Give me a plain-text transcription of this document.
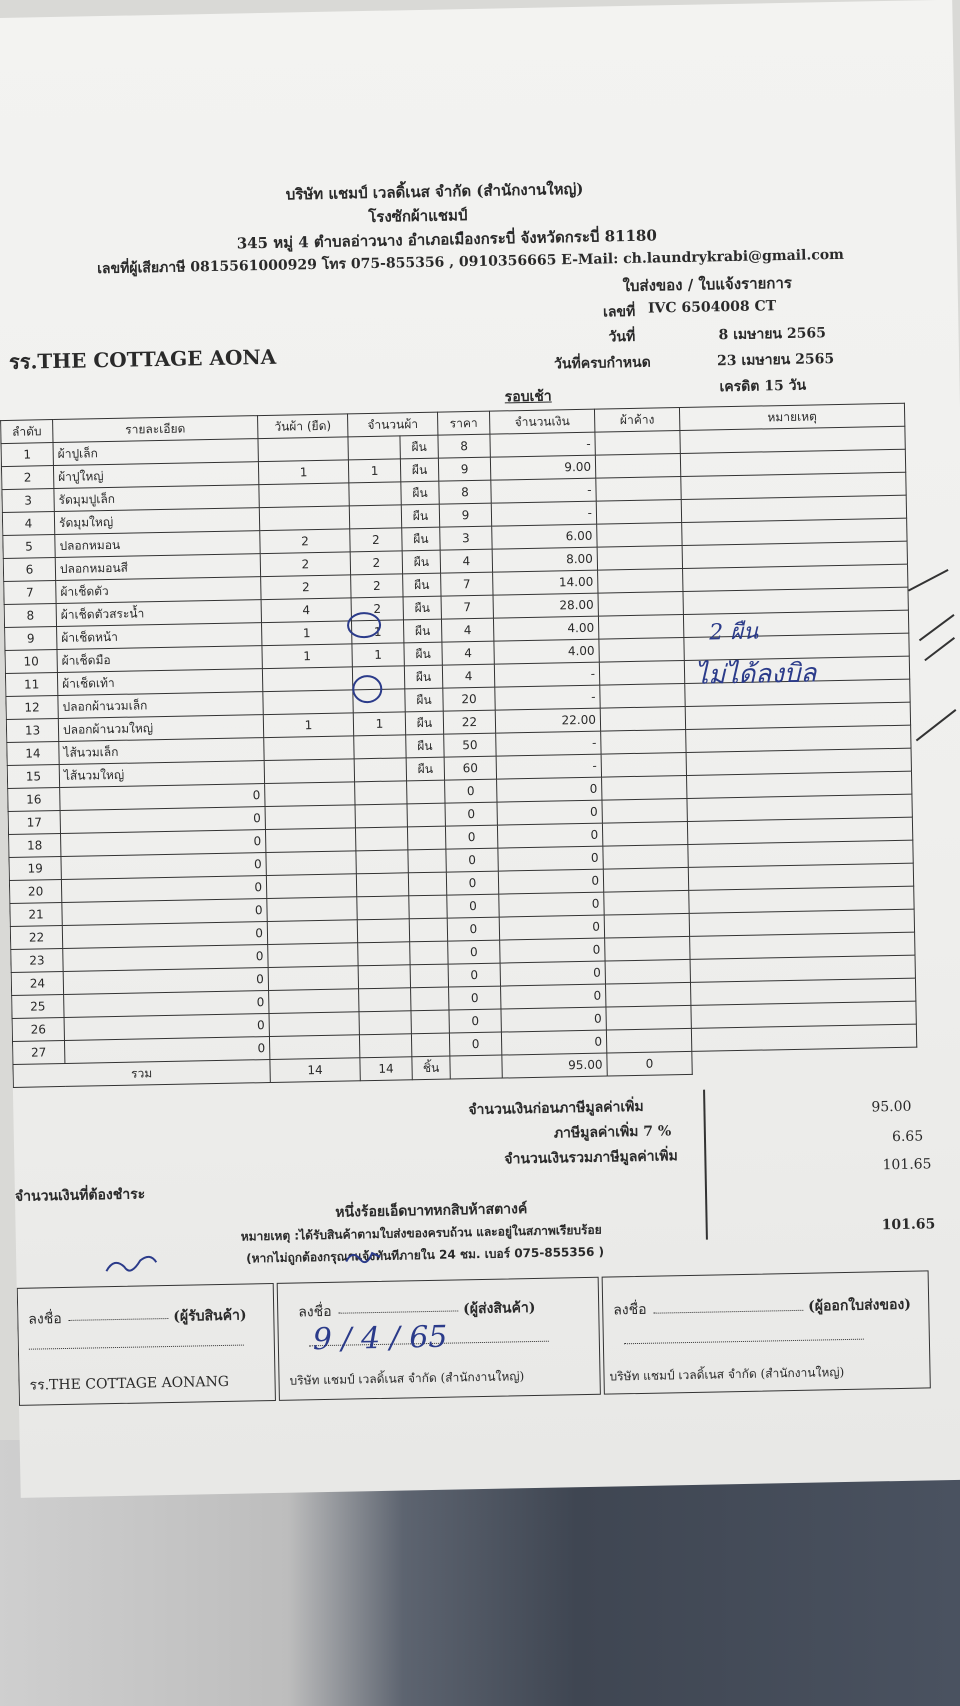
บริษัท แชมป์ เวลดิ้เนส จำกัด (สำนักงานใหญ่)
โรงซักผ้าแชมป์
345 หมู่ 4 ตำบลอ่าวนาง อำเภอเมืองกระบี่ จังหวัดกระบี่ 81180
เลขที่ผู้เสียภาษี 0815561000929 โทร 075-855356 , 0910356665 E-Mail: ch.laundrykrabi@gmail.com
ใบส่งของ / ใบแจ้งรายการ
เลขที่ IVC 6504008 CT
วันที่	8 เมษายน 2565
วันที่ครบกำหนด	23 เมษายน 2565
เครดิต 15 วัน
รร.THE COTTAGE AONA
รอบเช้า
ลำดับ	รายละเอียด	วันผ้า (ยืด)	จำนวนผ้า		ราคา	จำนวนเงิน	ผ้าค้าง	หมายเหตุ
1	ผ้าปูเล็ก			ผืน	8	-		
2	ผ้าปูใหญ่	1	1	ผืน	9	9.00		
3	รัดมุมปูเล็ก			ผืน	8	-		
4	รัดมุมใหญ่			ผืน	9	-		
5	ปลอกหมอน	2	2	ผืน	3	6.00		
6	ปลอกหมอนสี	2	2	ผืน	4	8.00		
7	ผ้าเช็ดตัว	2	2	ผืน	7	14.00		
8	ผ้าเช็ดตัวสระน้ำ	4	2	ผืน	7	28.00		
9	ผ้าเช็ดหน้า	1	1	ผืน	4	4.00		
10	ผ้าเช็ดมือ	1	1	ผืน	4	4.00		
11	ผ้าเช็ดเท้า			ผืน	4	-		
12	ปลอกผ้านวมเล็ก			ผืน	20	-		
13	ปลอกผ้านวมใหญ่	1	1	ผืน	22	22.00		
14	ไส้นวมเล็ก			ผืน	50	-		
15	ไส้นวมใหญ่			ผืน	60	-		
16	0				0	0		
17	0				0	0		
18	0				0	0		
19	0				0	0		
20	0				0	0		
21	0				0	0		
22	0				0	0		
23	0				0	0		
24	0				0	0		
25	0				0	0		
26	0				0	0		
27	0				0	0		
รวม		14	14	ชิ้น		95.00	0	
จำนวนเงินก่อนภาษีมูลค่าเพิ่ม	95.00
ภาษีมูลค่าเพิ่ม 7 %	6.65
จำนวนเงินรวมภาษีมูลค่าเพิ่ม	101.65
จำนวนเงินที่ต้องชำระ
หนึ่งร้อยเอ็ดบาทหกสิบห้าสตางค์
101.65
หมายเหตุ :ได้รับสินค้าตามใบส่งของครบถ้วน และอยู่ในสภาพเรียบร้อย
(หากไม่ถูกต้องกรุณาแจ้งทันทีภายใน 24 ชม. เบอร์ 075-855356 )
ลงชื่อ	(ผู้รับสินค้า)
รร.THE COTTAGE AONANG
ลงชื่อ	(ผู้ส่งสินค้า)
บริษัท แชมป์ เวลดิ้เนส จำกัด (สำนักงานใหญ่)
ลงชื่อ	(ผู้ออกใบส่งของ)
บริษัท แชมป์ เวลดิ้เนส จำกัด (สำนักงานใหญ่)
9 / 4 / 65
2 ผืน
ไม่ได้ลงบิล
